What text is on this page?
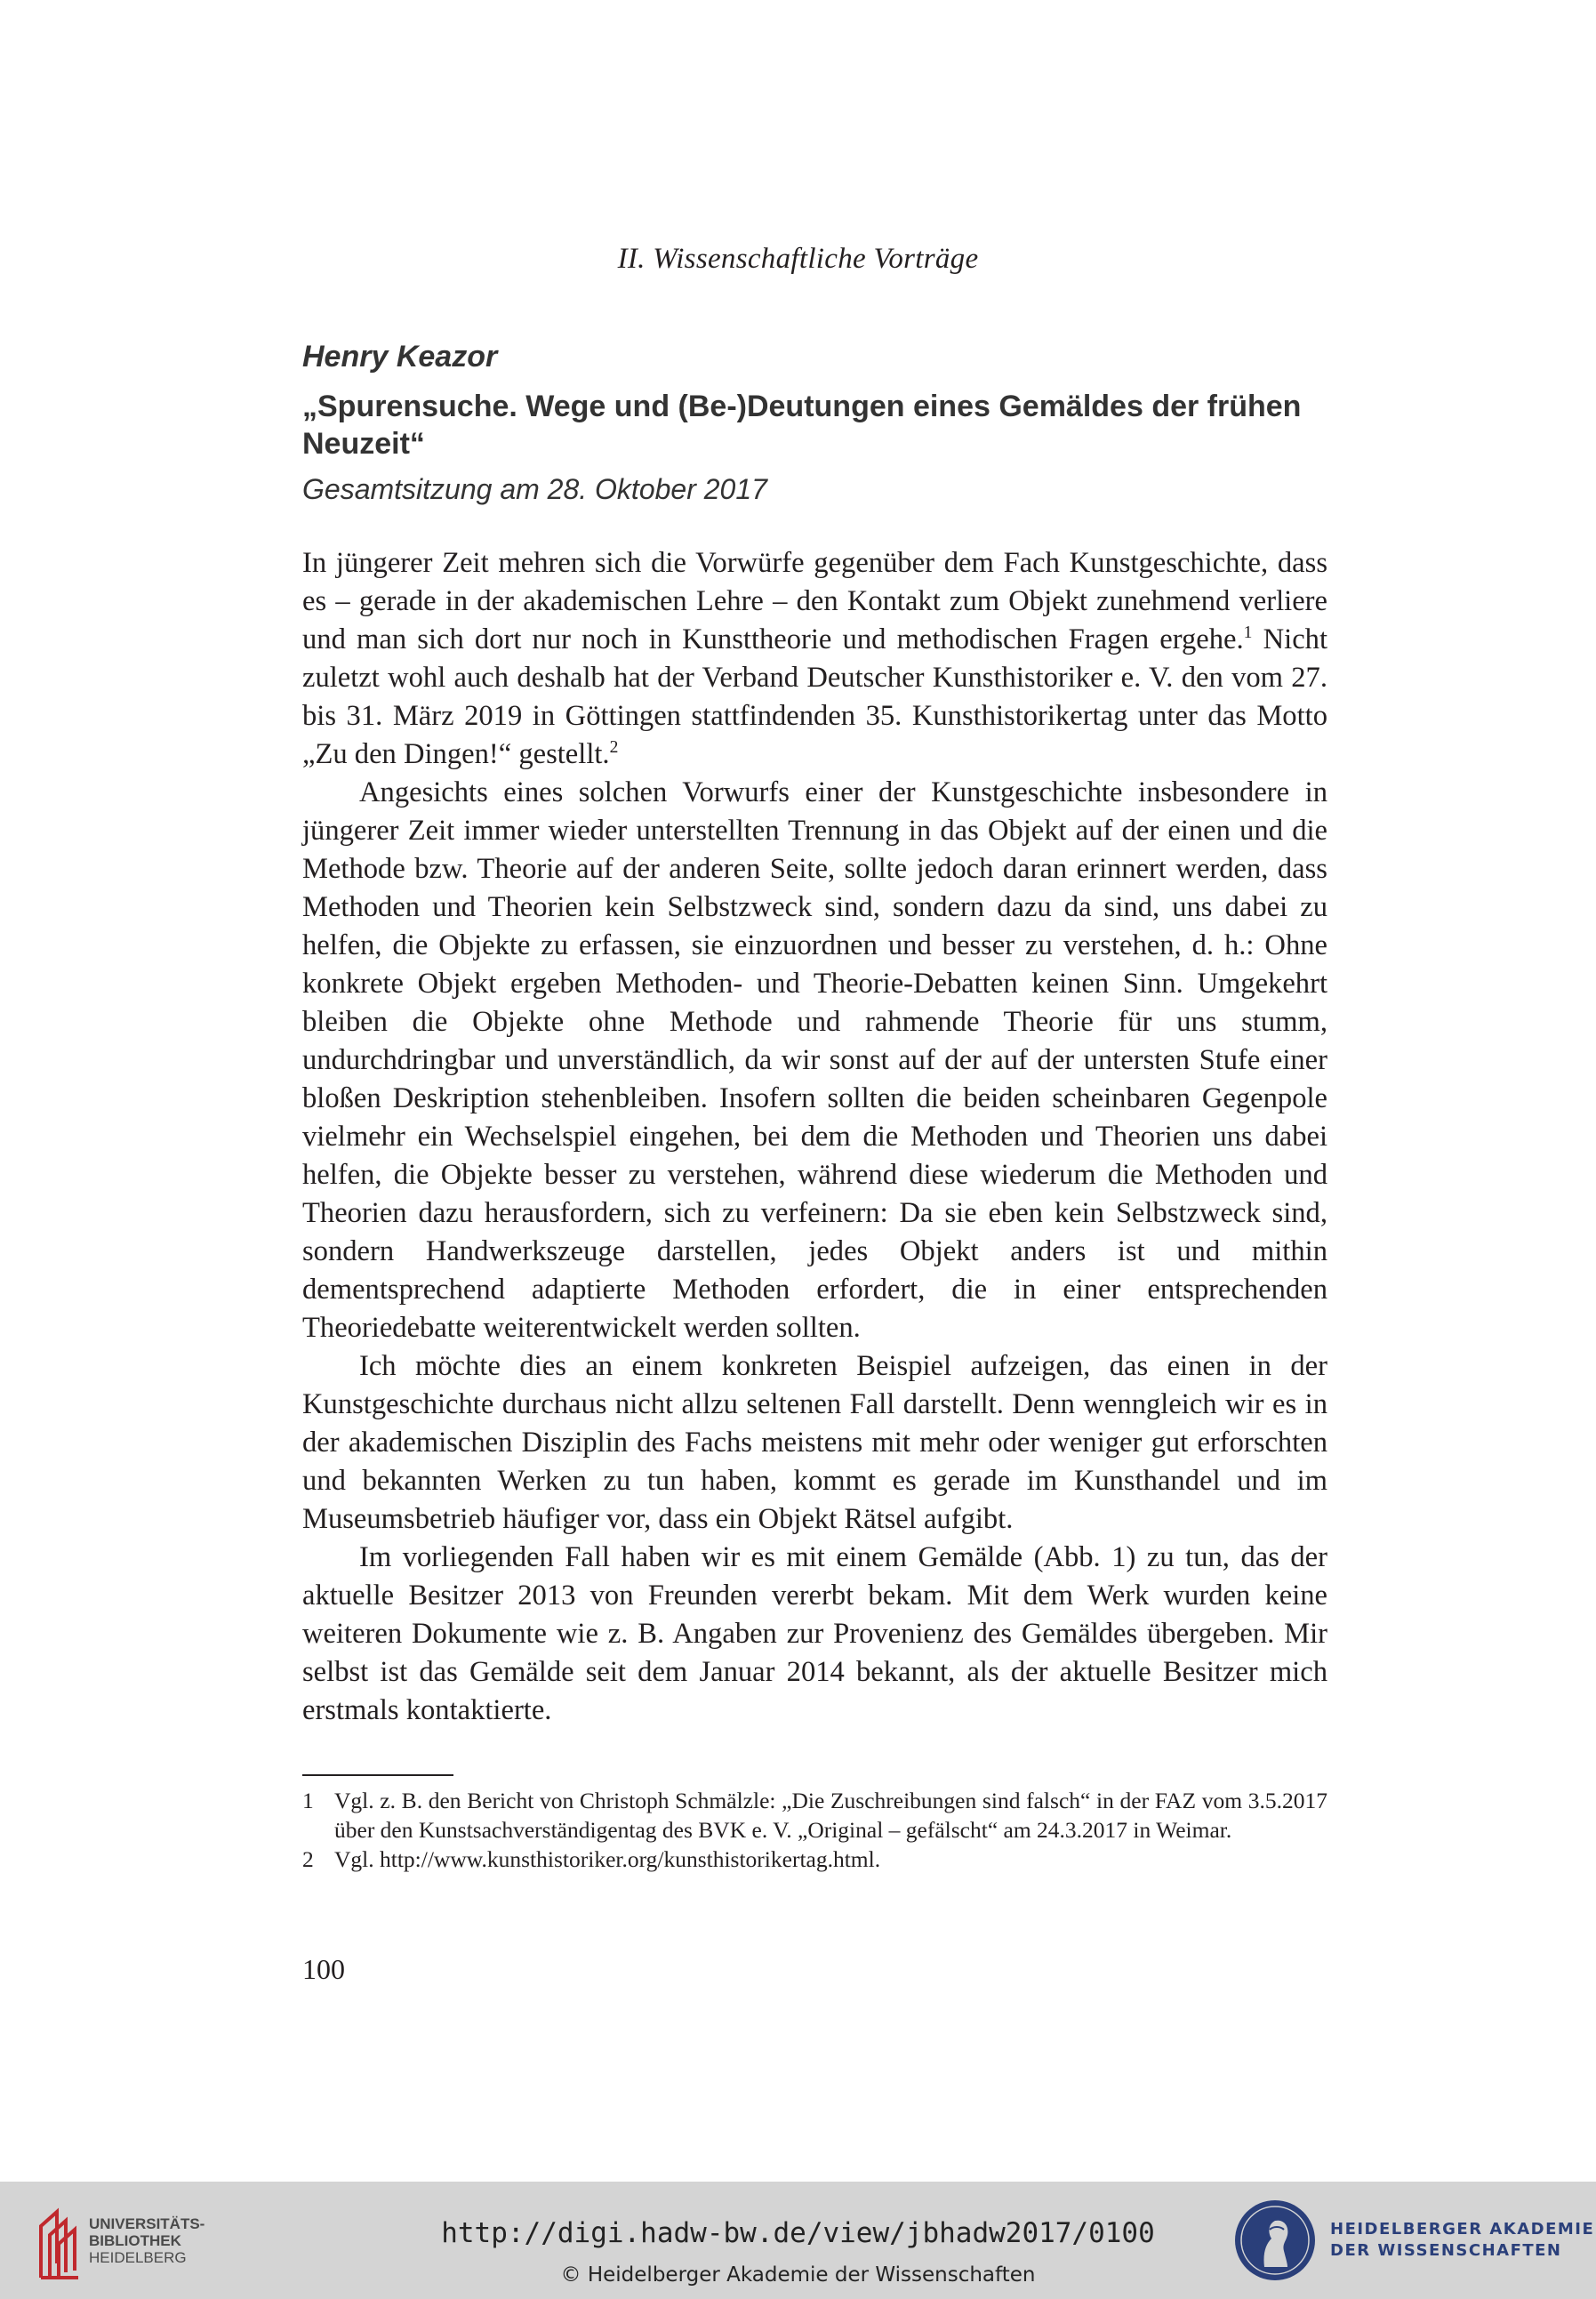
II. Wissenschaftliche Vorträge
Henry Keazor
„Spurensuche. Wege und (Be-)Deutungen eines Gemäldes der frühen Neuzeit“
Gesamtsitzung am 28. Oktober 2017

In jüngerer Zeit mehren sich die Vorwürfe gegenüber dem Fach Kunstgeschichte, dass es – gerade in der akademischen Lehre – den Kontakt zum Objekt zunehmend verliere und man sich dort nur noch in Kunsttheorie und methodischen Fragen ergehe.$^1$ Nicht zuletzt wohl auch deshalb hat der Verband Deutscher Kunsthistoriker e. V. den vom 27. bis 31. März 2019 in Göttingen stattfindenden 35. Kunsthistorikertag unter das Motto „Zu den Dingen!“ gestellt.$^2$

Angesichts eines solchen Vorwurfs einer der Kunstgeschichte insbesondere in jüngerer Zeit immer wieder unterstellten Trennung in das Objekt auf der einen und die Methode bzw. Theorie auf der anderen Seite, sollte jedoch daran erinnert werden, dass Methoden und Theorien kein Selbstzweck sind, sondern dazu da sind, uns dabei zu helfen, die Objekte zu erfassen, sie einzuordnen und besser zu verstehen, d. h.: Ohne konkrete Objekt ergeben Methoden- und Theorie-Debatten keinen Sinn. Umgekehrt bleiben die Objekte ohne Methode und rahmende Theorie für uns stumm, undurchdringbar und unverständlich, da wir sonst auf der auf der untersten Stufe einer bloßen Deskription stehenbleiben. Insofern sollten die beiden scheinbaren Gegenpole vielmehr ein Wechselspiel eingehen, bei dem die Methoden und Theorien uns dabei helfen, die Objekte besser zu verstehen, während diese wiederum die Methoden und Theorien dazu herausfordern, sich zu verfeinern: Da sie eben kein Selbstzweck sind, sondern Handwerkszeuge darstellen, jedes Objekt anders ist und mithin dementsprechend adaptierte Methoden erfordert, die in einer entsprechenden Theoriedebatte weiterentwickelt werden sollten.

Ich möchte dies an einem konkreten Beispiel aufzeigen, das einen in der Kunstgeschichte durchaus nicht allzu seltenen Fall darstellt. Denn wenngleich wir es in der akademischen Disziplin des Fachs meistens mit mehr oder weniger gut erforschten und bekannten Werken zu tun haben, kommt es gerade im Kunsthandel und im Museumsbetrieb häufiger vor, dass ein Objekt Rätsel aufgibt.

Im vorliegenden Fall haben wir es mit einem Gemälde (Abb. 1) zu tun, das der aktuelle Besitzer 2013 von Freunden vererbt bekam. Mit dem Werk wurden keine weiteren Dokumente wie z. B. Angaben zur Provenienz des Gemäldes übergeben. Mir selbst ist das Gemälde seit dem Januar 2014 bekannt, als der aktuelle Besitzer mich erstmals kontaktierte.

1 Vgl. z. B. den Bericht von Christoph Schmälzle: „Die Zuschreibungen sind falsch“ in der FAZ vom 3.5.2017 über den Kunstsachverständigentag des BVK e. V. „Original – gefälscht“ am 24.3.2017 in Weimar.
2 Vgl. http://www.kunsthistoriker.org/kunsthistorikertag.html.
100
UNIVERSITÄTS-
BIBLIOTHEK
HEIDELBERG
http://digi.hadw-bw.de/view/jbhadw2017/0100
© Heidelberger Akademie der Wissenschaften
HEIDELBERGER AKADEMIE
DER WISSENSCHAFTEN
